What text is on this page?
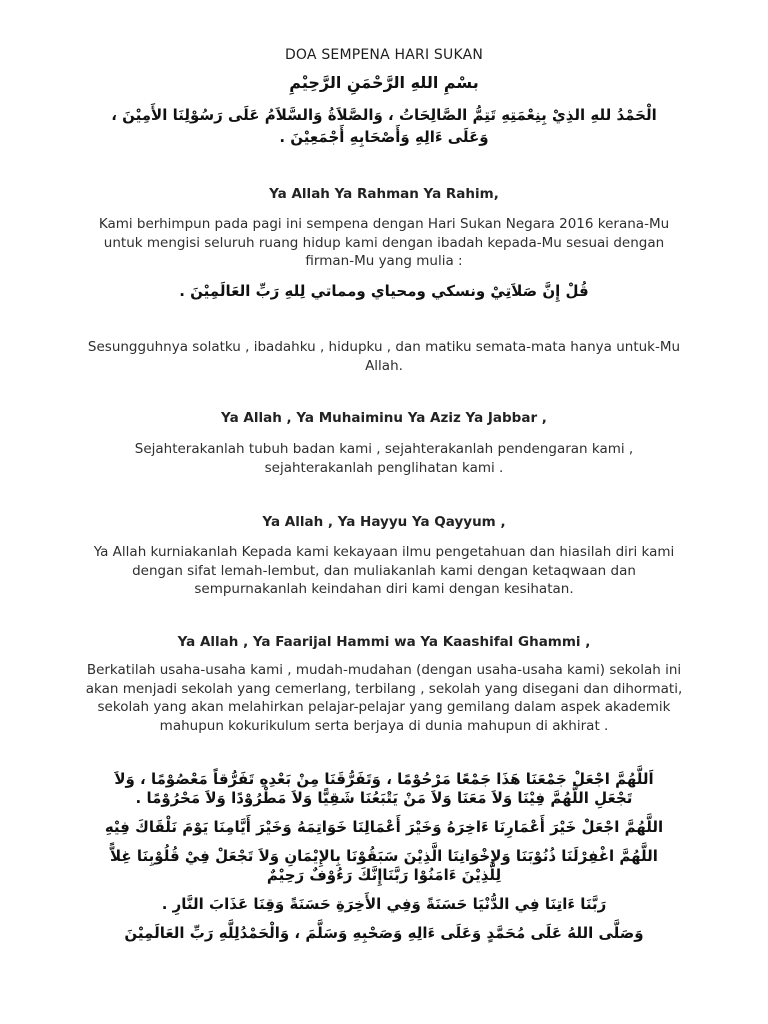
DOA SEMPENA HARI SUKAN
بسْمِ اللهِ الرَّحْمَنِ الرَّحِيْمِ
الْحَمْدُ للهِ الذِيْ بِنِعْمَتِهِ تَتِمُّ الصَّالِحَاتُ ، وَالصَّلاَةُ وَالسَّلاَمُ عَلَى رَسُوْلِنَا الأَمِيْنَ ، وَعَلَى ءَالِهِ وَأَصْحَابِهِ أَجْمَعِيْنَ .
Ya Allah Ya Rahman Ya Rahim,
Kami berhimpun pada pagi ini sempena dengan Hari Sukan Negara 2016 kerana-Mu untuk mengisi seluruh ruang hidup kami dengan ibadah kepada-Mu sesuai dengan firman-Mu yang mulia :
قُلْ إِنَّ صَلاَتِيْ ونسكي ومحياي ومماتي لِلهِ رَبِّ العَالَمِيْنَ .
Sesungguhnya solatku , ibadahku , hidupku , dan matiku semata-mata hanya untuk-Mu Allah.
Ya Allah , Ya Muhaiminu Ya Aziz Ya Jabbar ,
Sejahterakanlah tubuh badan kami , sejahterakanlah pendengaran kami , sejahterakanlah penglihatan kami .
Ya Allah , Ya Hayyu Ya Qayyum ,
Ya Allah kurniakanlah Kepada kami kekayaan ilmu pengetahuan dan hiasilah diri kami dengan sifat lemah-lembut, dan muliakanlah kami dengan ketaqwaan dan sempurnakanlah keindahan diri kami dengan kesihatan.
Ya Allah , Ya Faarijal Hammi wa Ya Kaashifal Ghammi ,
Berkatilah usaha-usaha kami , mudah-mudahan (dengan usaha-usaha kami) sekolah ini akan menjadi sekolah yang cemerlang, terbilang , sekolah yang disegani dan dihormati, sekolah yang akan melahirkan pelajar-pelajar yang gemilang dalam aspek akademik mahupun kokurikulum serta berjaya di dunia mahupun di akhirat .
اَللَّهُمَّ اجْعَلْ جَمْعَنَا هَذَا جَمْعًا مَرْحُوْمًا ، وَتَفَرُّقَنَا مِنْ بَعْدِهِ تَفَرُّقاً مَعْصُوْمًا ، وَلاَ تَجْعَلِ اللَّهُمَّ فِيْنَا وَلاَ مَعَنَا وَلاَ مَنْ يَتْبَعُنَا شَقِيًّا وَلاَ مَطْرُوْدًا وَلاَ مَحْرُوْمًا .
اللَّهُمَّ اجْعَلْ خَيْرَ أَعْمَارِنَا ءَاخِرَهُ وَخَيْرَ أَعْمَالِنَا خَوَاتِمَهُ وَخَيْرَ أَيَّامِنَا يَوْمَ نَلْقَاكَ فِيْهِ
اللَّهُمَّ اغْفِرْلَنَا ذُنُوْبَنَا وَلإِخْوَانِنَا الَّذِيْنَ سَبَقُوْنَا بِالإِيْمَانِ وَلاَ تَجْعَلْ فِيْ قُلُوْبِنَا غِلاًّ لِلَّذِيْنَ ءَامَنُوْا رَبَّنَاإِنَّكَ رَءُوْفٌ رَحِيْمٌ
رَبَّنَا ءَاتِنَا فِي الدُّنْيَا حَسَنَةً وَفِي الأَخِرَةِ حَسَنَةً وَقِنَا عَذَابَ النَّارِ .
وَصَلَّى اللهُ عَلَى مُحَمَّدٍ وَعَلَى ءَالِهِ وَصَحْبِهِ وَسَلَّمَ ، وَالْحَمْدُلِلَّهِ رَبِّ العَالَمِيْنَ
